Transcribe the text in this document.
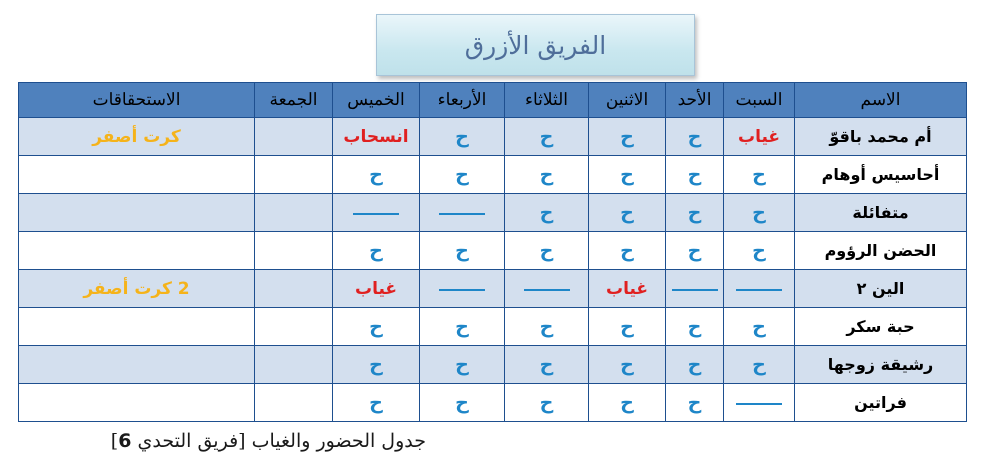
الفريق الأزرق
الاسم	السبت	الأحد	الاثنين	الثلاثاء	الأربعاء	الخميس	الجمعة	الاستحقاقات
أم محمد باقوّ	غياب	ح	ح	ح	ح	انسحاب		كرت أصفر
أحاسيس أوهام	ح	ح	ح	ح	ح	ح		
متفائلة	ح	ح	ح	ح				
الحضن الرؤوم	ح	ح	ح	ح	ح	ح		
الين ٢			غياب			غياب		2 كرت أصفر
حبة سكر	ح	ح	ح	ح	ح	ح		
رشيقة زوجها	ح	ح	ح	ح	ح	ح		
فراتين		ح	ح	ح	ح	ح		
جدول الحضور والغياب [فريق التحدي 6]
